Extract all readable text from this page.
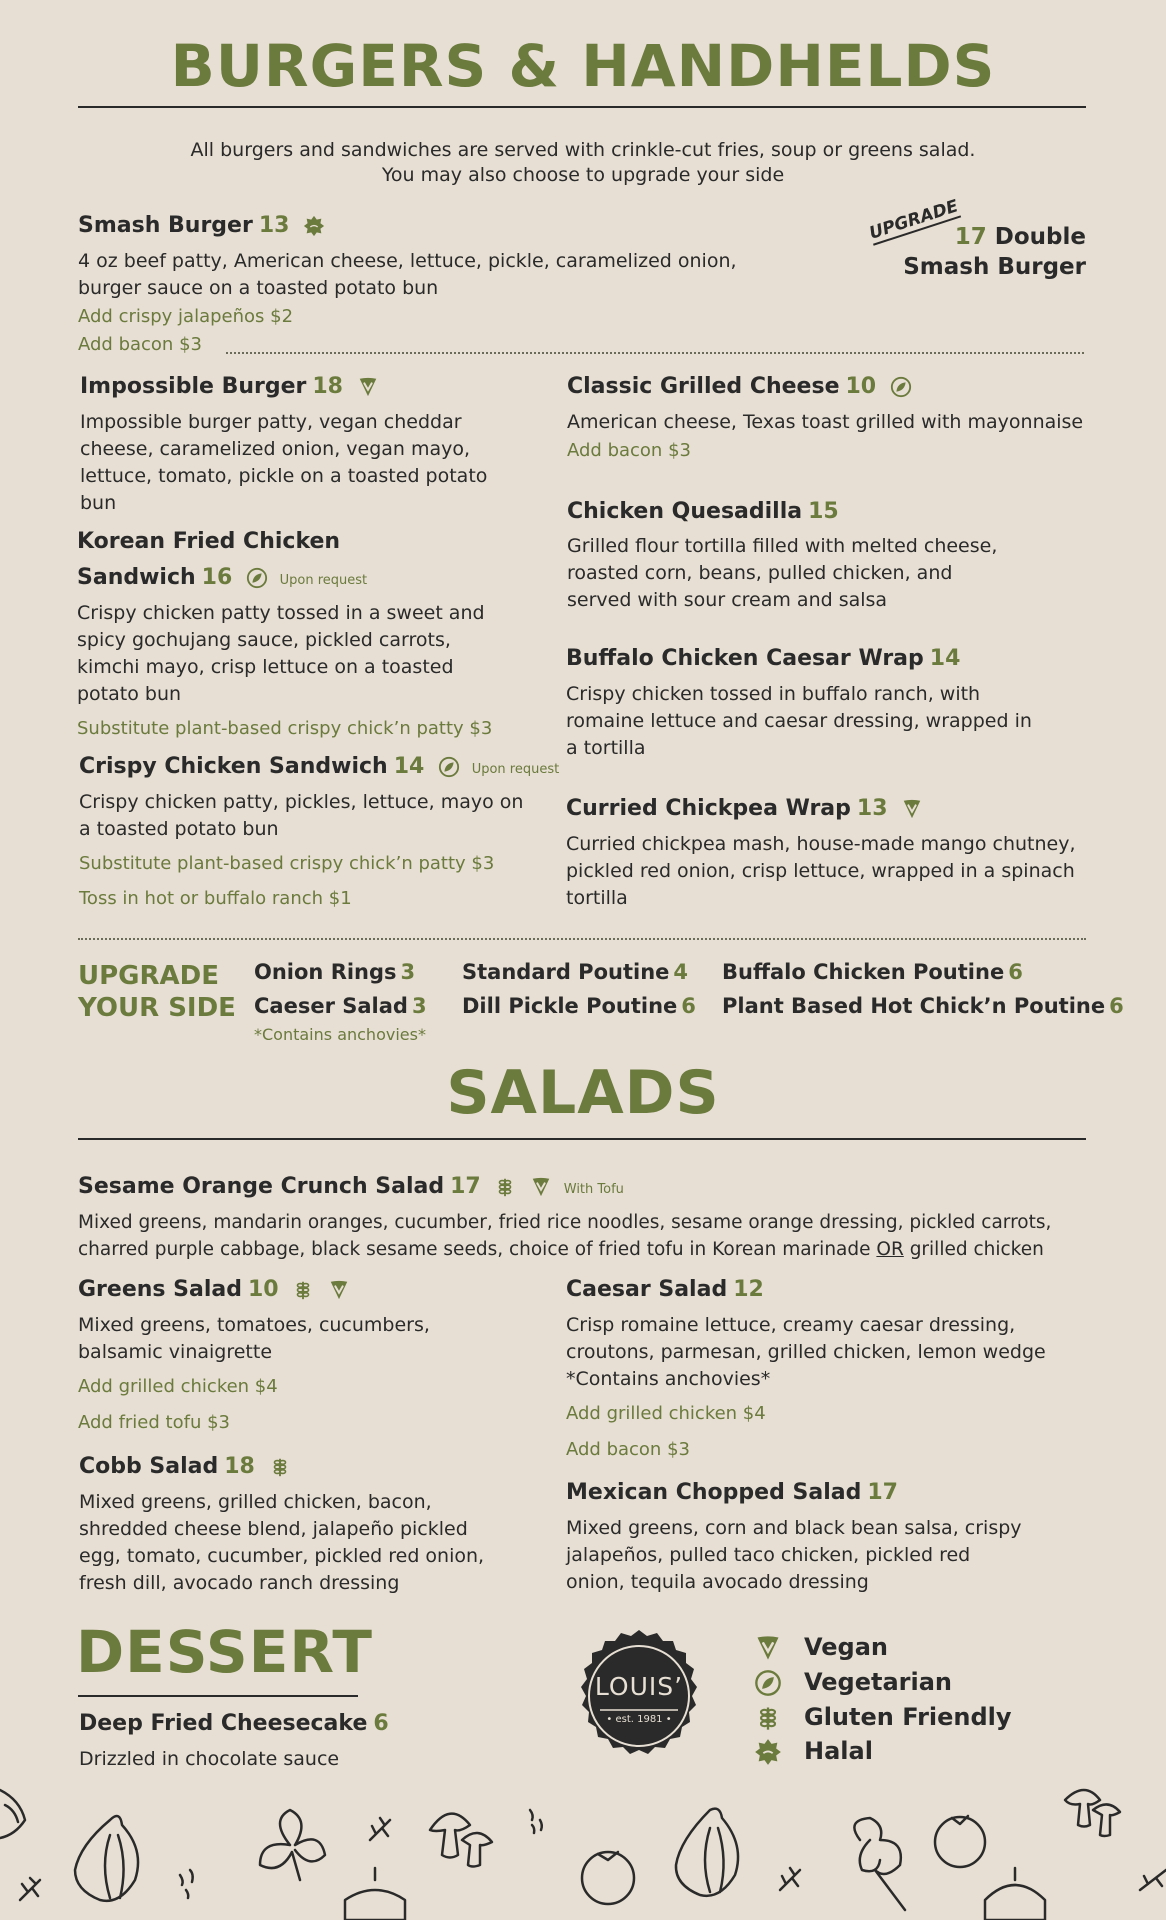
BURGERS & HANDHELDS
All burgers and sandwiches are served with crinkle-cut fries, soup or greens salad.
You may also choose to upgrade your side
Smash Burger 13
4 oz beef patty, American cheese, lettuce, pickle, caramelized onion, burger sauce on a toasted potato bun
Add crispy jalapeños $2
Add bacon $3
UPGRADE
17 Double
Smash Burger
Impossible Burger 18
Impossible burger patty, vegan cheddar cheese, caramelized onion, vegan mayo, lettuce, tomato, pickle on a toasted potato bun
Korean Fried Chicken
Sandwich 16	Upon request
Crispy chicken patty tossed in a sweet and spicy gochujang sauce, pickled carrots, kimchi mayo, crisp lettuce on a toasted potato bun
Substitute plant-based crispy chick’n patty $3
Crispy Chicken Sandwich 14	Upon request
Crispy chicken patty, pickles, lettuce, mayo on a toasted potato bun
Substitute plant-based crispy chick’n patty $3
Toss in hot or buffalo ranch $1
Classic Grilled Cheese 10
American cheese, Texas toast grilled with mayonnaise
Add bacon $3
Chicken Quesadilla 15
Grilled flour tortilla filled with melted cheese, roasted corn, beans, pulled chicken, and served with sour cream and salsa
Buffalo Chicken Caesar Wrap 14
Crispy chicken tossed in buffalo ranch, with romaine lettuce and caesar dressing, wrapped in a tortilla
Curried Chickpea Wrap 13
Curried chickpea mash, house-made mango chutney, pickled red onion, crisp lettuce, wrapped in a spinach tortilla
UPGRADE
YOUR SIDE
Onion Rings 3
Caeser Salad 3
Standard Poutine 4
Dill Pickle Poutine 6
Buffalo Chicken Poutine 6
Plant Based Hot Chick’n Poutine 6
*Contains anchovies*
SALADS
Sesame Orange Crunch Salad 17	With Tofu
Mixed greens, mandarin oranges, cucumber, fried rice noodles, sesame orange dressing, pickled carrots, charred purple cabbage, black sesame seeds, choice of fried tofu in Korean marinade OR grilled chicken
Greens Salad 10
Mixed greens, tomatoes, cucumbers, balsamic vinaigrette
Add grilled chicken $4
Add fried tofu $3
Cobb Salad 18
Mixed greens, grilled chicken, bacon, shredded cheese blend, jalapeño pickled egg, tomato, cucumber, pickled red onion, fresh dill, avocado ranch dressing
Caesar Salad 12
Crisp romaine lettuce, creamy caesar dressing, croutons, parmesan, grilled chicken, lemon wedge
*Contains anchovies*
Add grilled chicken $4
Add bacon $3
Mexican Chopped Salad 17
Mixed greens, corn and black bean salsa, crispy jalapeños, pulled taco chicken, pickled red onion, tequila avocado dressing
DESSERT
Deep Fried Cheesecake 6
Drizzled in chocolate sauce
LOUIS’
• est. 1981 •
Vegan
Vegetarian
Gluten Friendly
Halal
